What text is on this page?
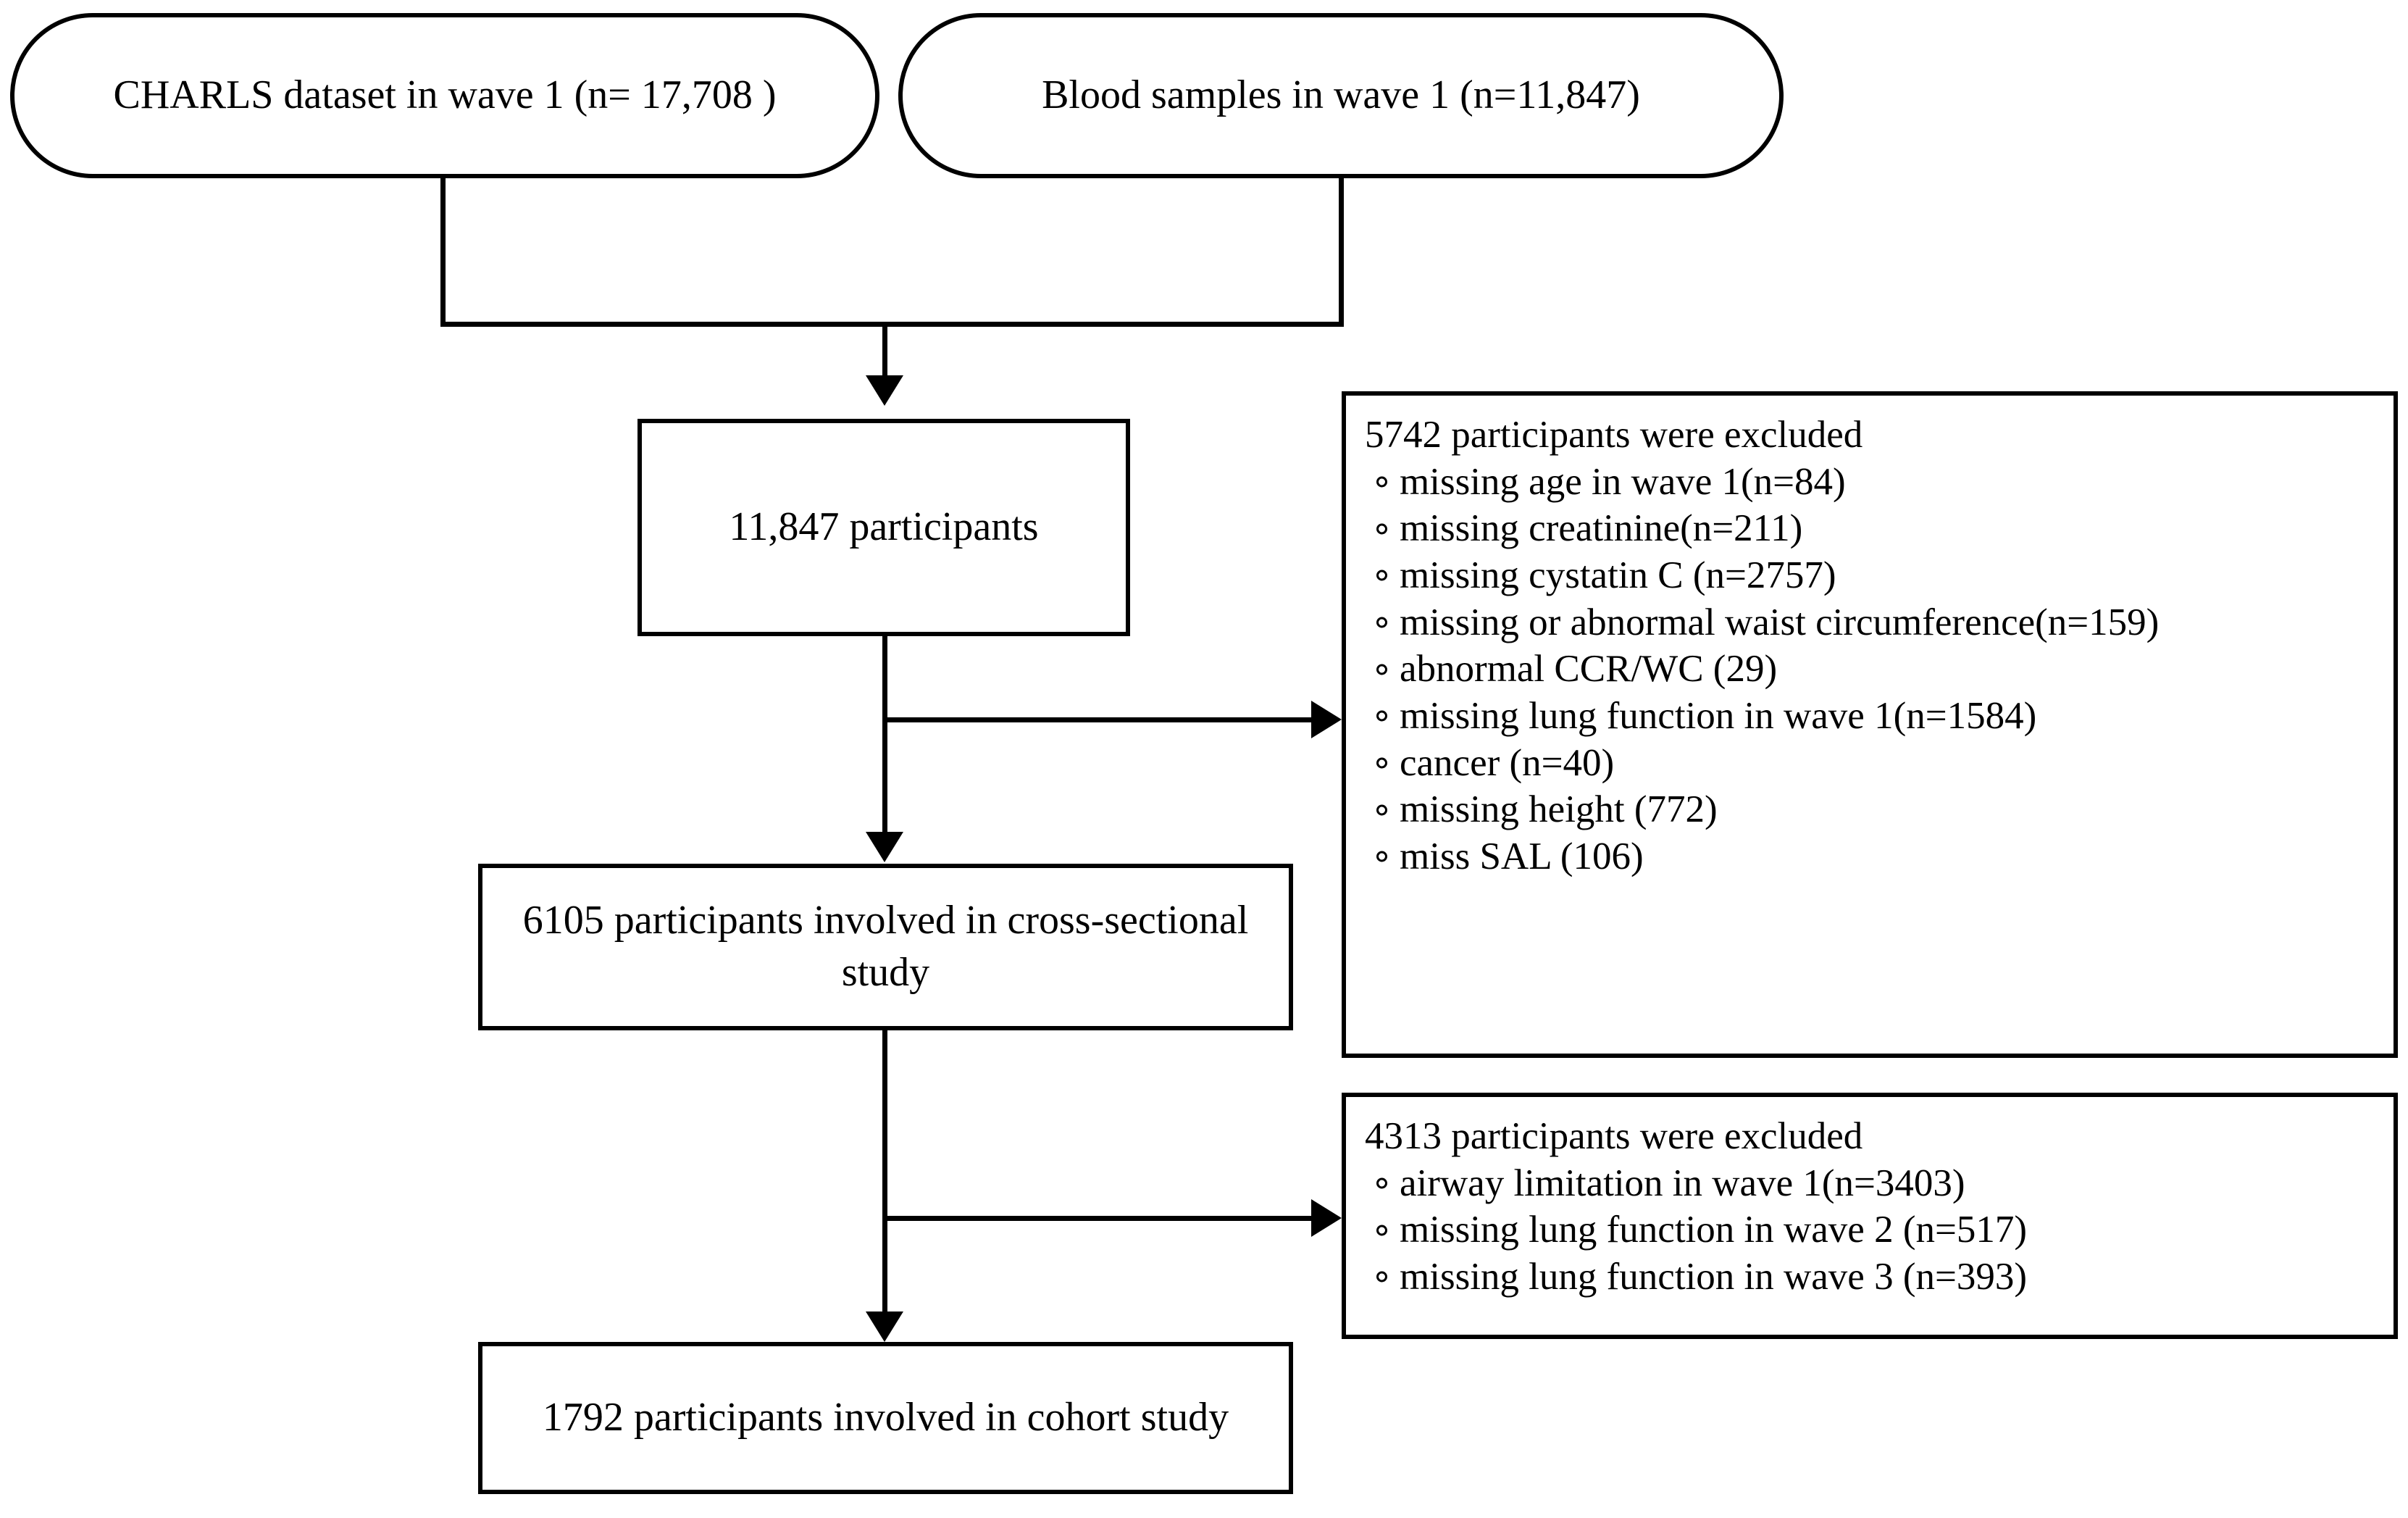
CHARLS dataset in wave 1 (n= 17,708 )	Blood samples in wave 1 (n=11,847)
11,847 participants
6105 participants involved in cross-sectional study
1792 participants involved in cohort study
5742 participants were excluded
missing age in wave 1(n=84)
missing creatinine(n=211)
missing cystatin C (n=2757)
missing or abnormal waist circumference(n=159)
abnormal CCR/WC (29)
missing lung function in wave 1(n=1584)
cancer (n=40)
missing height (772)
miss SAL (106)
4313 participants were excluded
airway limitation in wave 1(n=3403)
missing lung function in wave 2 (n=517)
missing lung function in wave 3 (n=393)
